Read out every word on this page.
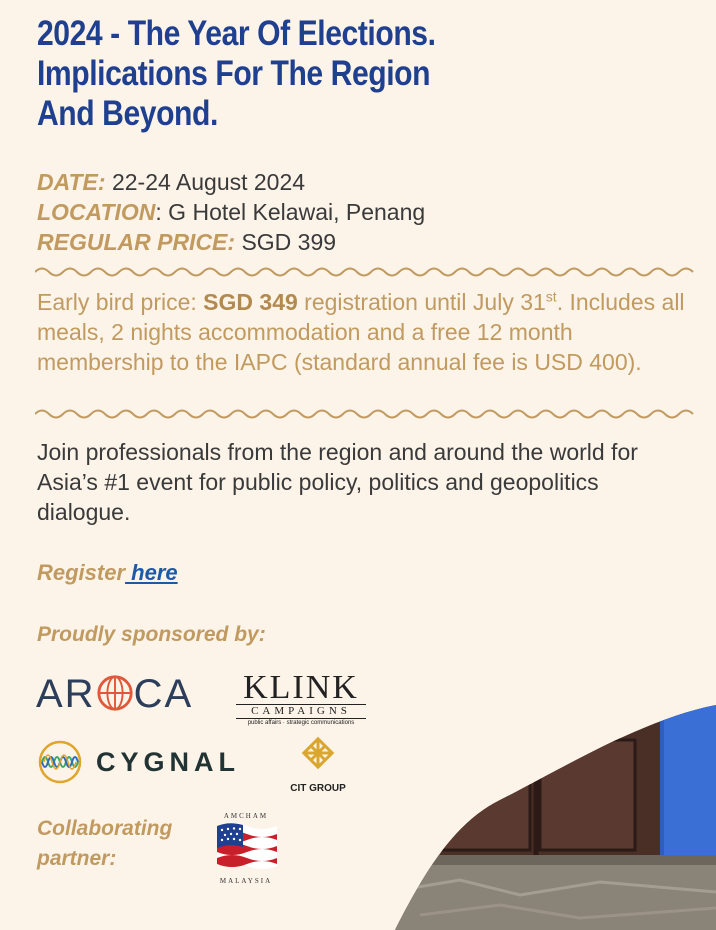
2024 - The Year Of Elections.
Implications For The Region
And Beyond.
DATE: 22-24 August 2024
LOCATION: G Hotel Kelawai, Penang
REGULAR PRICE: SGD 399
Early bird price: SGD 349 registration until July 31st. Includes all meals, 2 nights accommodation and a free 12 month membership to the IAPC (standard annual fee is USD 400).
Join professionals from the region and around the world for Asia’s #1 event for public policy, politics and geopolitics dialogue.
Register here
Proudly sponsored by:
AR CA KLINK
CAMPAIGNS
public affairs · strategic communications
CYGNAL
CIT GROUP
Collaborating
partner:
AMCHAM
MALAYSIA
